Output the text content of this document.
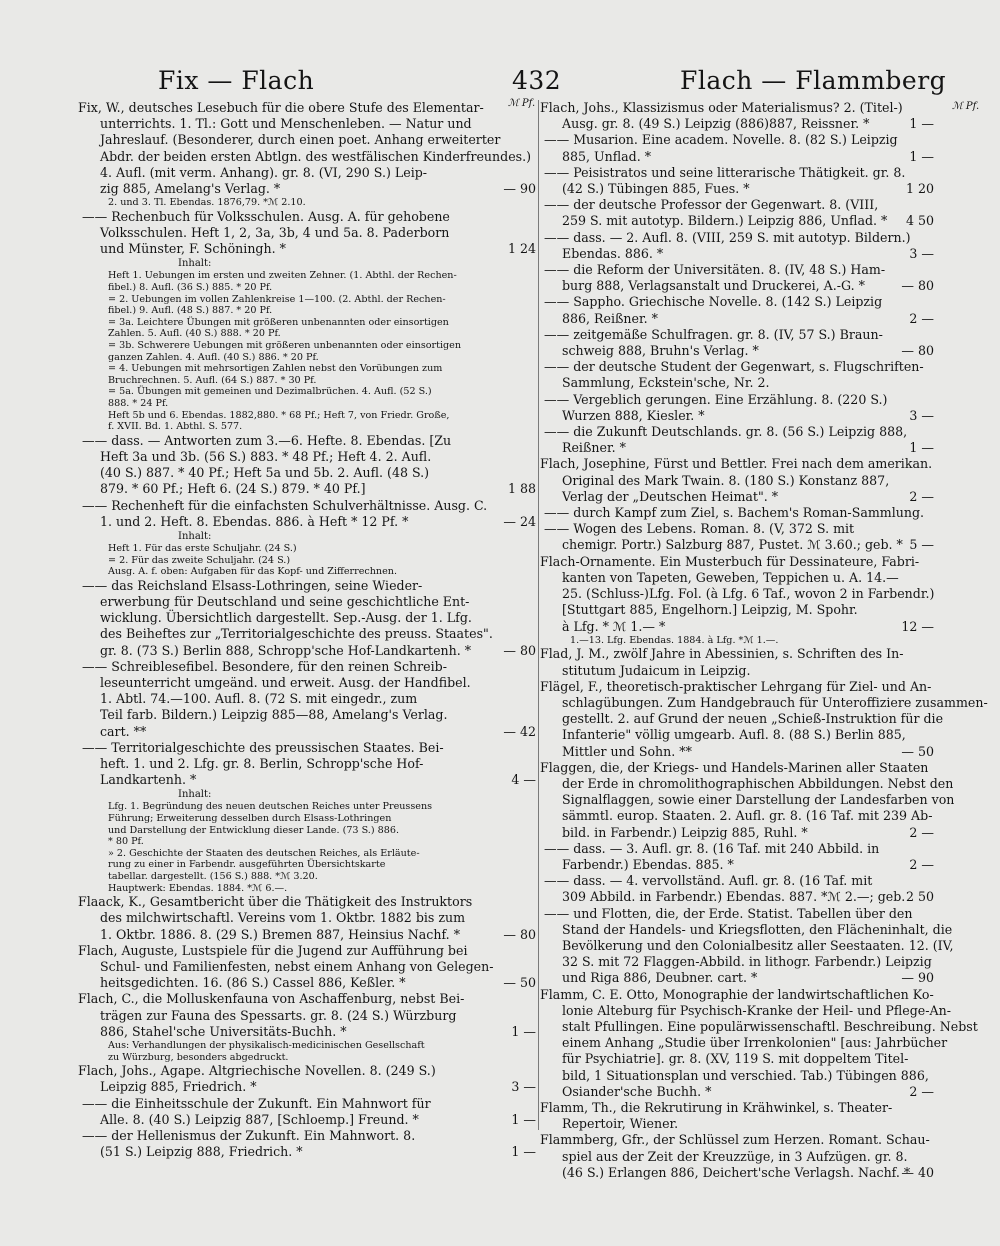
Fix — Flach	432	Flach — Flammberg
ℳ Pf.	ℳ Pf.
Fix, W., deutsches Lesebuch für die obere Stufe des Elementar-
unterrichts. 1. Tl.: Gott und Menschenleben. — Natur und
Jahreslauf. (Besonderer, durch einen poet. Anhang erweiterter
Abdr. der beiden ersten Abtlgn. des westfälischen Kinderfreundes.)
4. Aufl. (mit verm. Anhang). gr. 8. (VI, 290 S.) Leip-
zig 885, Amelang's Verlag. *	— 90
2. und 3. Tl. Ebendas. 1876,79. *ℳ 2.10.
—— Rechenbuch für Volksschulen. Ausg. A. für gehobene
Volksschulen. Heft 1, 2, 3a, 3b, 4 und 5a. 8. Paderborn
und Münster, F. Schöningh. *	1 24
Inhalt:
Heft 1. Uebungen im ersten und zweiten Zehner. (1. Abthl. der Rechen-
fibel.) 8. Aufl. (36 S.) 885. * 20 Pf.
= 2. Uebungen im vollen Zahlenkreise 1—100. (2. Abthl. der Rechen-
fibel.) 9. Aufl. (48 S.) 887. * 20 Pf.
= 3a. Leichtere Übungen mit größeren unbenannten oder einsortigen
Zahlen. 5. Aufl. (40 S.) 888. * 20 Pf.
= 3b. Schwerere Uebungen mit größeren unbenannten oder einsortigen
ganzen Zahlen. 4. Aufl. (40 S.) 886. * 20 Pf.
= 4. Uebungen mit mehrsortigen Zahlen nebst den Vorübungen zum
Bruchrechnen. 5. Aufl. (64 S.) 887. * 30 Pf.
= 5a. Übungen mit gemeinen und Dezimalbrüchen. 4. Aufl. (52 S.)
888. * 24 Pf.
Heft 5b und 6. Ebendas. 1882,880. * 68 Pf.; Heft 7, von Friedr. Große,
f. XVII. Bd. 1. Abthl. S. 577.
—— dass. — Antworten zum 3.—6. Hefte. 8. Ebendas. [Zu
Heft 3a und 3b. (56 S.) 883. * 48 Pf.; Heft 4. 2. Aufl.
(40 S.) 887. * 40 Pf.; Heft 5a und 5b. 2. Aufl. (48 S.)
879. * 60 Pf.; Heft 6. (24 S.) 879. * 40 Pf.]	1 88
—— Rechenheft für die einfachsten Schulverhältnisse. Ausg. C.
1. und 2. Heft. 8. Ebendas. 886. à Heft * 12 Pf. *	— 24
Inhalt:
Heft 1. Für das erste Schuljahr. (24 S.)
= 2. Für das zweite Schuljahr. (24 S.)
Ausg. A. f. oben: Aufgaben für das Kopf- und Zifferrechnen.
—— das Reichsland Elsass-Lothringen, seine Wieder-
erwerbung für Deutschland und seine geschichtliche Ent-
wicklung. Übersichtlich dargestellt. Sep.-Ausg. der 1. Lfg.
des Beiheftes zur „Territorialgeschichte des preuss. Staates".
gr. 8. (73 S.) Berlin 888, Schropp'sche Hof-Landkartenh. *	— 80
—— Schreiblesefibel. Besondere, für den reinen Schreib-
leseunterricht umgeänd. und erweit. Ausg. der Handfibel.
1. Abtl. 74.—100. Aufl. 8. (72 S. mit eingedr., zum
Teil farb. Bildern.) Leipzig 885—88, Amelang's Verlag.
cart. **	— 42
—— Territorialgeschichte des preussischen Staates. Bei-
heft. 1. und 2. Lfg. gr. 8. Berlin, Schropp'sche Hof-
Landkartenh. *	4 —
Inhalt:
Lfg. 1. Begründung des neuen deutschen Reiches unter Preussens
Führung; Erweiterung desselben durch Elsass-Lothringen
und Darstellung der Entwicklung dieser Lande. (73 S.) 886.
* 80 Pf.
» 2. Geschichte der Staaten des deutschen Reiches, als Erläute-
rung zu einer in Farbendr. ausgeführten Übersichtskarte
tabellar. dargestellt. (156 S.) 888. *ℳ 3.20.
Hauptwerk: Ebendas. 1884. *ℳ 6.—.
Flaack, K., Gesamtbericht über die Thätigkeit des Instruktors
des milchwirtschaftl. Vereins vom 1. Oktbr. 1882 bis zum
1. Oktbr. 1886. 8. (29 S.) Bremen 887, Heinsius Nachf. *	— 80
Flach, Auguste, Lustspiele für die Jugend zur Aufführung bei
Schul- und Familienfesten, nebst einem Anhang von Gelegen-
heitsgedichten. 16. (86 S.) Cassel 886, Keßler. *	— 50
Flach, C., die Molluskenfauna von Aschaffenburg, nebst Bei-
trägen zur Fauna des Spessarts. gr. 8. (24 S.) Würzburg
886, Stahel'sche Universitäts-Buchh. *	1 —
Aus: Verhandlungen der physikalisch-medicinischen Gesellschaft
zu Würzburg, besonders abgedruckt.
Flach, Johs., Agape. Altgriechische Novellen. 8. (249 S.)
Leipzig 885, Friedrich. *	3 —
—— die Einheitsschule der Zukunft. Ein Mahnwort für
Alle. 8. (40 S.) Leipzig 887, [Schloemp.] Freund. *	1 —
—— der Hellenismus der Zukunft. Ein Mahnwort. 8.
(51 S.) Leipzig 888, Friedrich. *	1 —
Flach, Johs., Klassizismus oder Materialismus? 2. (Titel-)
Ausg. gr. 8. (49 S.) Leipzig (886)887, Reissner. *	1 —
—— Musarion. Eine academ. Novelle. 8. (82 S.) Leipzig
885, Unflad. *	1 —
—— Peisistratos und seine litterarische Thätigkeit. gr. 8.
(42 S.) Tübingen 885, Fues. *	1 20
—— der deutsche Professor der Gegenwart. 8. (VIII,
259 S. mit autotyp. Bildern.) Leipzig 886, Unflad. *	4 50
—— dass. — 2. Aufl. 8. (VIII, 259 S. mit autotyp. Bildern.)
Ebendas. 886. *	3 —
—— die Reform der Universitäten. 8. (IV, 48 S.) Ham-
burg 888, Verlagsanstalt und Druckerei, A.-G. *	— 80
—— Sappho. Griechische Novelle. 8. (142 S.) Leipzig
886, Reißner. *	2 —
—— zeitgemäße Schulfragen. gr. 8. (IV, 57 S.) Braun-
schweig 888, Bruhn's Verlag. *	— 80
—— der deutsche Student der Gegenwart, s. Flugschriften-
Sammlung, Eckstein'sche, Nr. 2.
—— Vergeblich gerungen. Eine Erzählung. 8. (220 S.)
Wurzen 888, Kiesler. *	3 —
—— die Zukunft Deutschlands. gr. 8. (56 S.) Leipzig 888,
Reißner. *	1 —
Flach, Josephine, Fürst und Bettler. Frei nach dem amerikan.
Original des Mark Twain. 8. (180 S.) Konstanz 887,
Verlag der „Deutschen Heimat". *	2 —
—— durch Kampf zum Ziel, s. Bachem's Roman-Sammlung.
—— Wogen des Lebens. Roman. 8. (V, 372 S. mit
chemigr. Portr.) Salzburg 887, Pustet. ℳ 3.60.; geb. * 5 —
Flach-Ornamente. Ein Musterbuch für Dessinateure, Fabri-
kanten von Tapeten, Geweben, Teppichen u. A. 14.—
25. (Schluss-)Lfg. Fol. (à Lfg. 6 Taf., wovon 2 in Farbendr.)
[Stuttgart 885, Engelhorn.] Leipzig, M. Spohr.
à Lfg. * ℳ 1.— *	12 —
1.—13. Lfg. Ebendas. 1884. à Lfg. *ℳ 1.—.
Flad, J. M., zwölf Jahre in Abessinien, s. Schriften des In-
stitutum Judaicum in Leipzig.
Flägel, F., theoretisch-praktischer Lehrgang für Ziel- und An-
schlagübungen. Zum Handgebrauch für Unteroffiziere zusammen-
gestellt. 2. auf Grund der neuen „Schieß-Instruktion für die
Infanterie" völlig umgearb. Aufl. 8. (88 S.) Berlin 885,
Mittler und Sohn. **	— 50
Flaggen, die, der Kriegs- und Handels-Marinen aller Staaten
der Erde in chromolithographischen Abbildungen. Nebst den
Signalflaggen, sowie einer Darstellung der Landesfarben von
sämmtl. europ. Staaten. 2. Aufl. gr. 8. (16 Taf. mit 239 Ab-
bild. in Farbendr.) Leipzig 885, Ruhl. *	2 —
—— dass. — 3. Aufl. gr. 8. (16 Taf. mit 240 Abbild. in
Farbendr.) Ebendas. 885. *	2 —
—— dass. — 4. vervollständ. Aufl. gr. 8. (16 Taf. mit
309 Abbild. in Farbendr.) Ebendas. 887. *ℳ 2.—; geb. 2 50
—— und Flotten, die, der Erde. Statist. Tabellen über den
Stand der Handels- und Kriegsflotten, den Flächeninhalt, die
Bevölkerung und den Colonialbesitz aller Seestaaten. 12. (IV,
32 S. mit 72 Flaggen-Abbild. in lithogr. Farbendr.) Leipzig
und Riga 886, Deubner. cart. *	— 90
Flamm, C. E. Otto, Monographie der landwirtschaftlichen Ko-
lonie Alteburg für Psychisch-Kranke der Heil- und Pflege-An-
stalt Pfullingen. Eine populärwissenschaftl. Beschreibung. Nebst
einem Anhang „Studie über Irrenkolonien" [aus: Jahrbücher
für Psychiatrie]. gr. 8. (XV, 119 S. mit doppeltem Titel-
bild, 1 Situationsplan und verschied. Tab.) Tübingen 886,
Osiander'sche Buchh. *	2 —
Flamm, Th., die Rekrutirung in Krähwinkel, s. Theater-
Repertoir, Wiener.
Flammberg, Gfr., der Schlüssel zum Herzen. Romant. Schau-
spiel aus der Zeit der Kreuzzüge, in 3 Aufzügen. gr. 8.
(46 S.) Erlangen 886, Deichert'sche Verlagsh. Nachf. *
— 40
